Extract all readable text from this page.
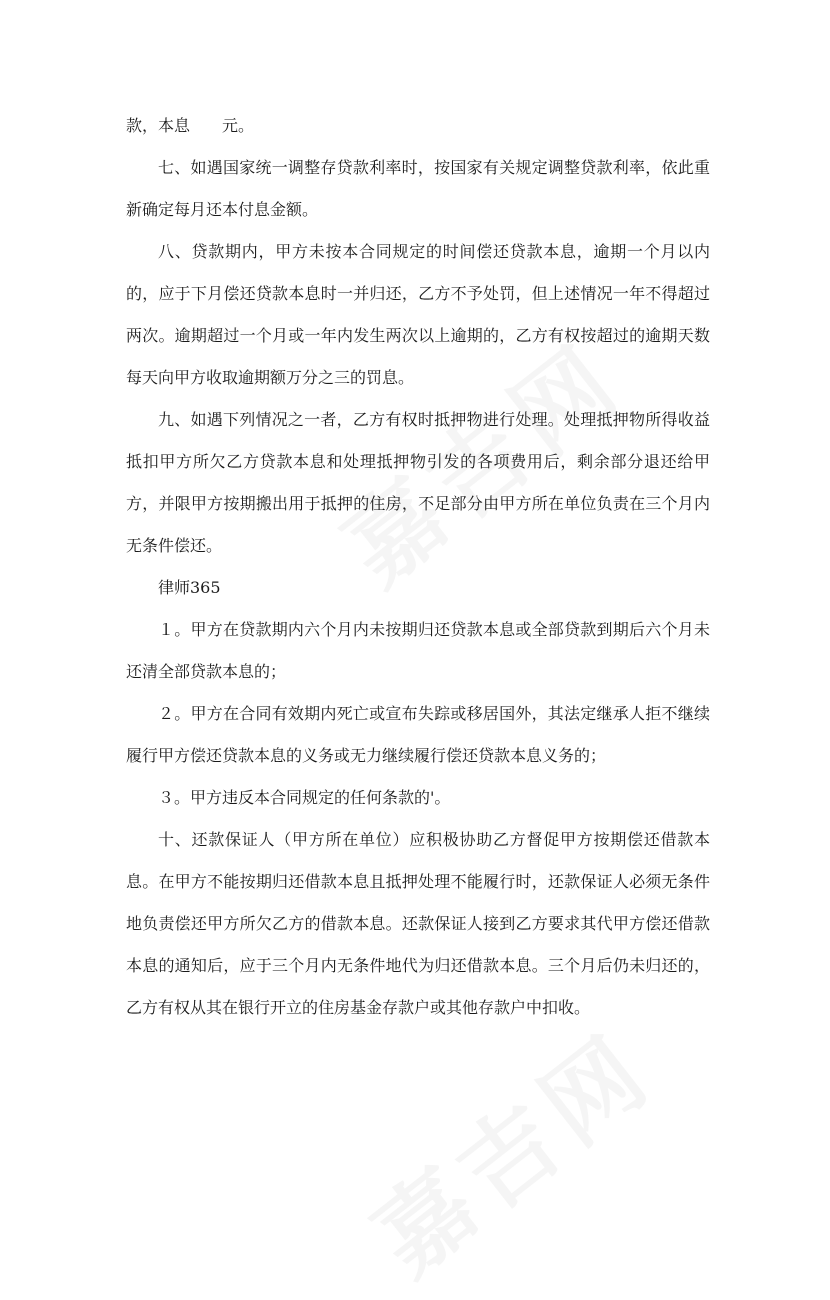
款，本息　　元。

七、如遇国家统一调整存贷款利率时，按国家有关规定调整贷款利率，依此重新确定每月还本付息金额。

八、贷款期内，甲方未按本合同规定的时间偿还贷款本息，逾期一个月以内的，应于下月偿还贷款本息时一并归还，乙方不予处罚，但上述情况一年不得超过两次。逾期超过一个月或一年内发生两次以上逾期的，乙方有权按超过的逾期天数每天向甲方收取逾期额万分之三的罚息。

九、如遇下列情况之一者，乙方有权时抵押物进行处理。处理抵押物所得收益抵扣甲方所欠乙方贷款本息和处理抵押物引发的各项费用后，剩余部分退还给甲方，并限甲方按期搬出用于抵押的住房，不足部分由甲方所在单位负责在三个月内无条件偿还。

律师365

１。甲方在贷款期内六个月内未按期归还贷款本息或全部贷款到期后六个月未还清全部贷款本息的；

２。甲方在合同有效期内死亡或宣布失踪或移居国外，其法定继承人拒不继续履行甲方偿还贷款本息的义务或无力继续履行偿还贷款本息义务的；

３。甲方违反本合同规定的任何条款的'。

十、还款保证人（甲方所在单位）应积极协助乙方督促甲方按期偿还借款本息。在甲方不能按期归还借款本息且抵押处理不能履行时，还款保证人必须无条件地负责偿还甲方所欠乙方的借款本息。还款保证人接到乙方要求其代甲方偿还借款本息的通知后，应于三个月内无条件地代为归还借款本息。三个月后仍未归还的，乙方有权从其在银行开立的住房基金存款户或其他存款户中扣收。
